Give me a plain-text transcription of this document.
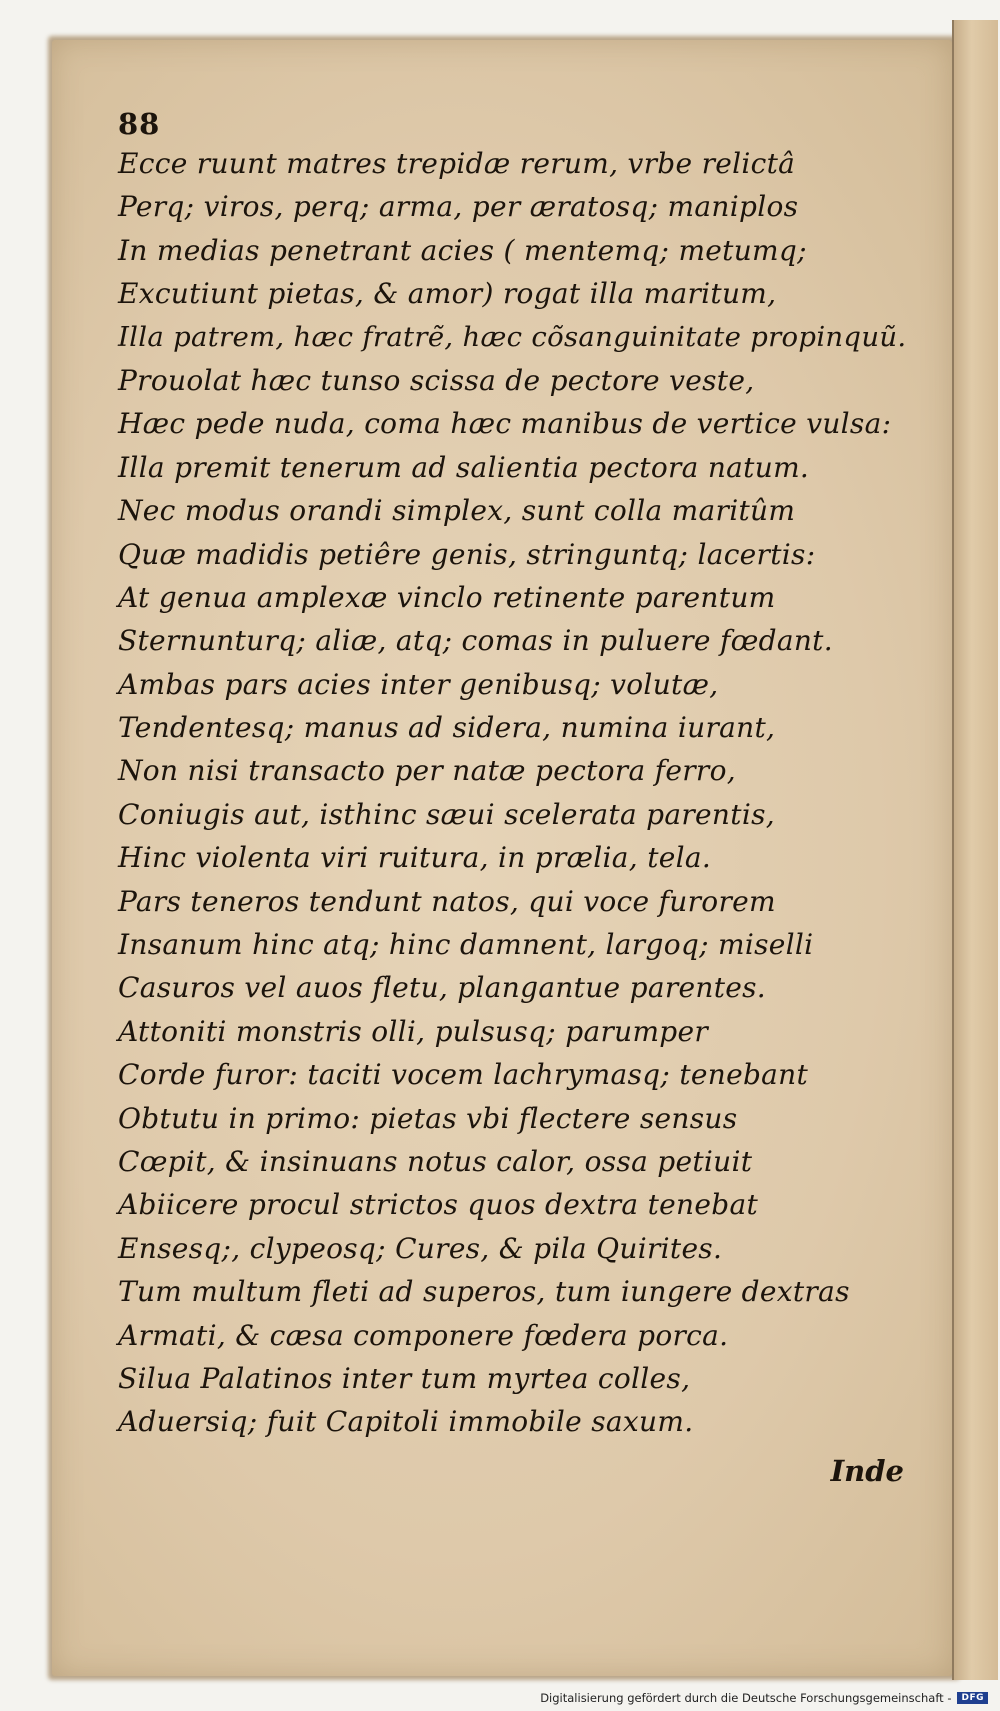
88
Ecce ruunt matres trepidæ rerum, vrbe relictâ
Perq; viros, perq; arma, per æratosq; maniplos
In medias penetrant acies ( mentemq; metumq;
Excutiunt pietas, & amor) rogat illa maritum,
Illa patrem, hæc fratrẽ, hæc cõsanguinitate propinquũ.
Prouolat hæc tunso scissa de pectore veste,
Hæc pede nuda, coma hæc manibus de vertice vulsa:
Illa premit tenerum ad salientia pectora natum.
Nec modus orandi simplex, sunt colla maritûm
Quæ madidis petiêre genis, stringuntq; lacertis:
At genua amplexæ vinclo retinente parentum
Sternunturq; aliæ, atq; comas in puluere fœdant.
Ambas pars acies inter genibusq; volutæ,
Tendentesq; manus ad sidera, numina iurant,
Non nisi transacto per natæ pectora ferro,
Coniugis aut, isthinc sæui scelerata parentis,
Hinc violenta viri ruitura, in prælia, tela.
Pars teneros tendunt natos, qui voce furorem
Insanum hinc atq; hinc damnent, largoq; miselli
Casuros vel auos fletu, plangantue parentes.
Attoniti monstris olli, pulsusq; parumper
Corde furor: taciti vocem lachrymasq; tenebant
Obtutu in primo: pietas vbi flectere sensus
Cœpit, & insinuans notus calor, ossa petiuit
Abiicere procul strictos quos dextra tenebat
Ensesq;, clypeosq; Cures, & pila Quirites.
Tum multum fleti ad superos, tum iungere dextras
Armati, & cæsa componere fœdera porca.
Silua Palatinos inter tum myrtea colles,
Aduersiq; fuit Capitoli immobile saxum.
Inde
Digitalisierung gefördert durch die Deutsche Forschungsgemeinschaft -	DFG
